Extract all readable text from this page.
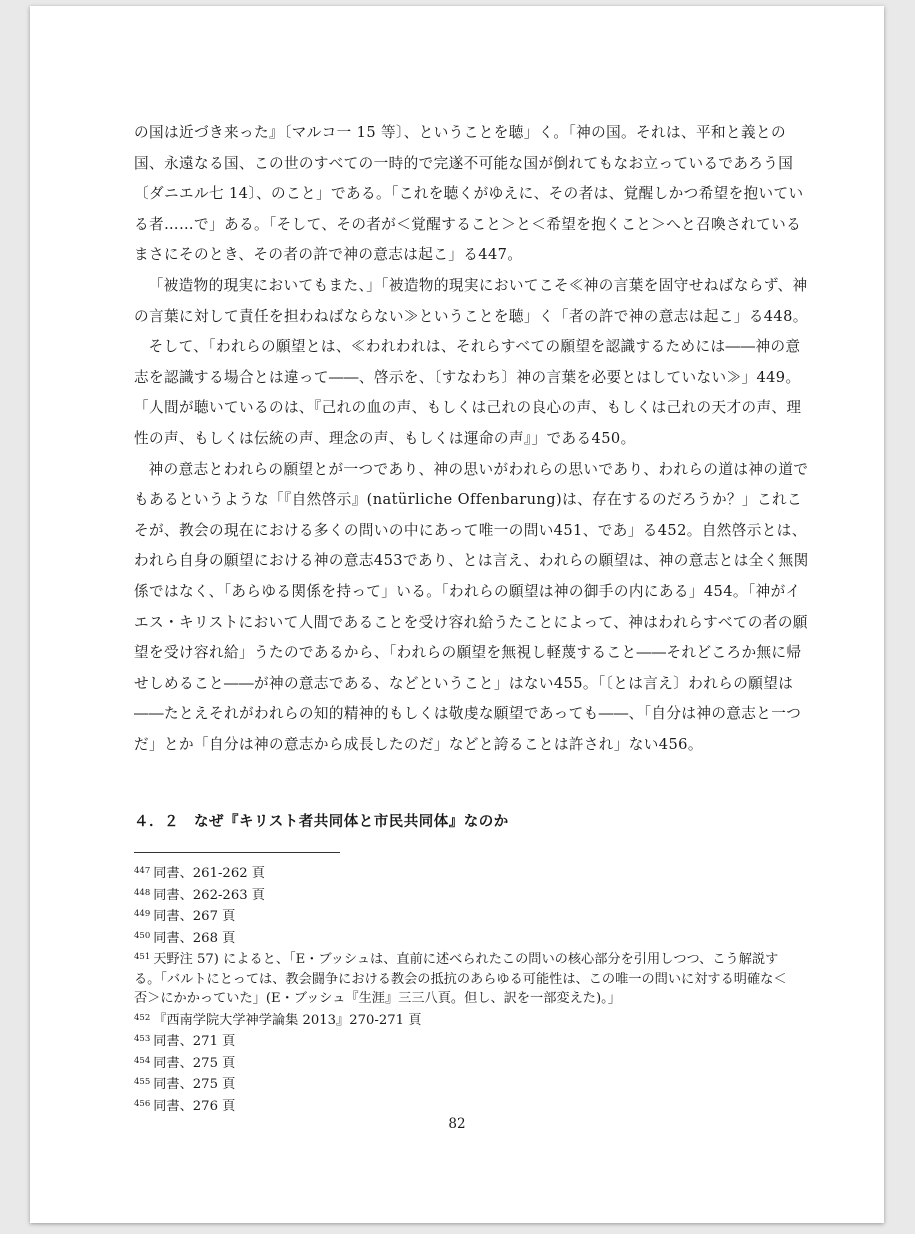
の国は近づき来った』〔マルコ一 15 等〕、ということを聴」く。「神の国。それは、平和と義との国、永遠なる国、この世のすべての一時的で完遂不可能な国が倒れてもなお立っているであろう国〔ダニエル七 14〕、のこと」である。「これを聴くがゆえに、その者は、覚醒しかつ希望を抱いている者……で」ある。「そして、その者が＜覚醒すること＞と＜希望を抱くこと＞へと召喚されているまさにそのとき、その者の許で神の意志は起こ」る447。

「被造物的現実においてもまた、」「被造物的現実においてこそ≪神の言葉を固守せねばならず、神の言葉に対して責任を担わねばならない≫ということを聴」く「者の許で神の意志は起こ」る448。

そして、「われらの願望とは、≪われわれは、それらすべての願望を認識するためには――神の意志を認識する場合とは違って――、啓示を、〔すなわち〕神の言葉を必要とはしていない≫」449。「人間が聴いているのは、『己れの血の声、もしくは己れの良心の声、もしくは己れの天才の声、理性の声、もしくは伝統の声、理念の声、もしくは運命の声』」である450。

神の意志とわれらの願望とが一つであり、神の思いがわれらの思いであり、われらの道は神の道でもあるというような「『自然啓示』(natürliche Offenbarung)は、存在するのだろうか？」これこそが、教会の現在における多くの問いの中にあって唯一の問い451、であ」る452。自然啓示とは、われら自身の願望における神の意志453であり、とは言え、われらの願望は、神の意志とは全く無関係ではなく、「あらゆる関係を持って」いる。「われらの願望は神の御手の内にある」454。「神がイエス・キリストにおいて人間であることを受け容れ給うたことによって、神はわれらすべての者の願望を受け容れ給」うたのであるから、「われらの願望を無視し軽蔑すること――それどころか無に帰せしめること――が神の意志である、などということ」はない455。「〔とは言え〕われらの願望は――たとえそれがわれらの知的精神的もしくは敬虔な願望であっても――、「自分は神の意志と一つだ」とか「自分は神の意志から成長したのだ」などと誇ることは許され」ない456。

４．２　なぜ『キリスト者共同体と市民共同体』なのか

$^{447}$ 同書、261-262 頁

$^{448}$ 同書、262-263 頁

$^{449}$ 同書、267 頁

$^{450}$ 同書、268 頁

$^{451}$ 天野注 57) によると、「E・ブッシュは、直前に述べられたこの問いの核心部分を引用しつつ、こう解説する。「バルトにとっては、教会闘争における教会の抵抗のあらゆる可能性は、この唯一の問いに対する明確な＜否＞にかかっていた」(E・ブッシュ『生涯』三三八頁。但し、訳を一部変えた)。」

$^{452}$ 『西南学院大学神学論集 2013』270-271 頁

$^{453}$ 同書、271 頁

$^{454}$ 同書、275 頁

$^{455}$ 同書、275 頁

$^{456}$ 同書、276 頁

82
